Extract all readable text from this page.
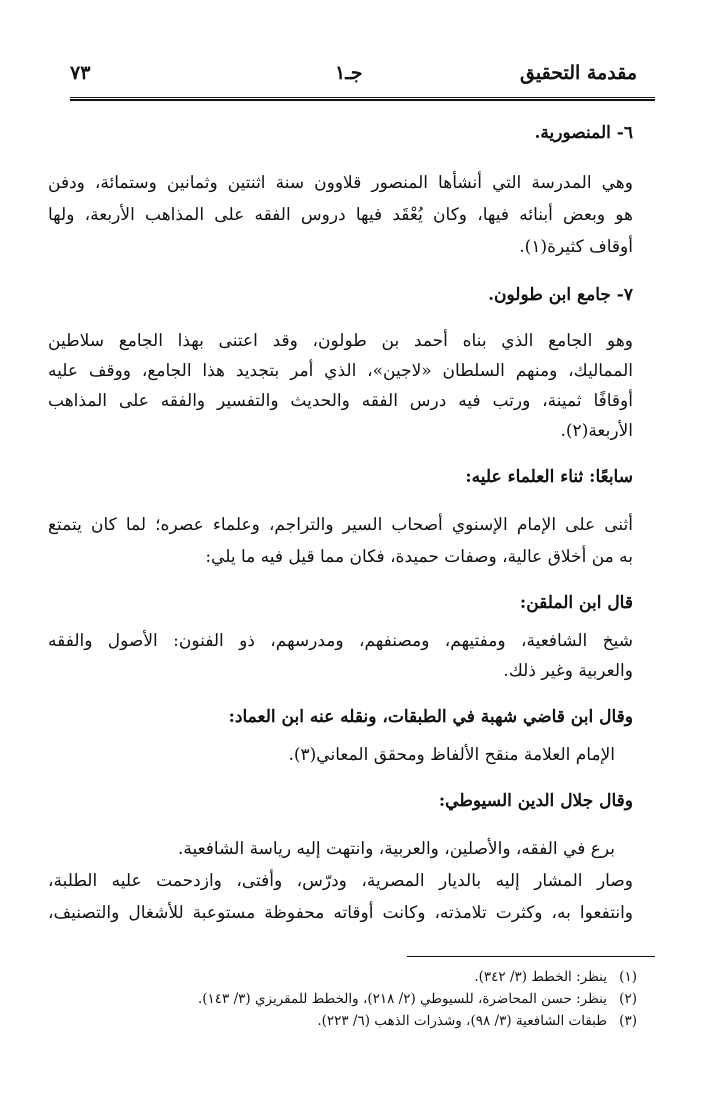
مقدمة التحقيق
جـ١
٧٣
٦- المنصورية.
وهي المدرسة التي أنشأها المنصور قلاوون سنة اثنتين وثمانين وستمائة، ودفن
هو وبعض أبنائه فيها، وكان يُعْقَد فيها دروس الفقه على المذاهب الأربعة، ولها
أوقاف كثيرة(١).
٧- جامع ابن طولون.
وهو الجامع الذي بناه أحمد بن طولون، وقد اعتنى بهذا الجامع سلاطين
المماليك، ومنهم السلطان «لاجين»، الذي أمر بتجديد هذا الجامع، ووقف عليه
أوقافًا ثمينة، ورتب فيه درس الفقه والحديث والتفسير والفقه على المذاهب
الأربعة(٢).
سابعًا: ثناء العلماء عليه:
أثنى على الإمام الإسنوي أصحاب السير والتراجم، وعلماء عصره؛ لما كان يتمتع
به من أخلاق عالية، وصفات حميدة، فكان مما قيل فيه ما يلي:
قال ابن الملقن:
شيخ الشافعية، ومفتيهم، ومصنفهم، ومدرسهم، ذو الفنون: الأصول والفقه
والعربية وغير ذلك.
وقال ابن قاضي شهبة في الطبقات، ونقله عنه ابن العماد:
الإمام العلامة منقح الألفاظ ومحقق المعاني(٣).
وقال جلال الدين السيوطي:
برع في الفقه، والأصلين، والعربية، وانتهت إليه رياسة الشافعية.
وصار المشار إليه بالديار المصرية، ودرّس، وأفتى، وازدحمت عليه الطلبة،
وانتفعوا به، وكثرت تلامذته، وكانت أوقاته محفوظة مستوعبة للأشغال والتصنيف،
(١)ينظر: الخطط (٣/ ٣٤٢).
(٢)ينظر: حسن المحاضرة، للسيوطي (٢/ ٢١٨)، والخطط للمقريزي (٣/ ١٤٣).
(٣)طبقات الشافعية (٣/ ٩٨)، وشذرات الذهب (٦/ ٢٢٣).
